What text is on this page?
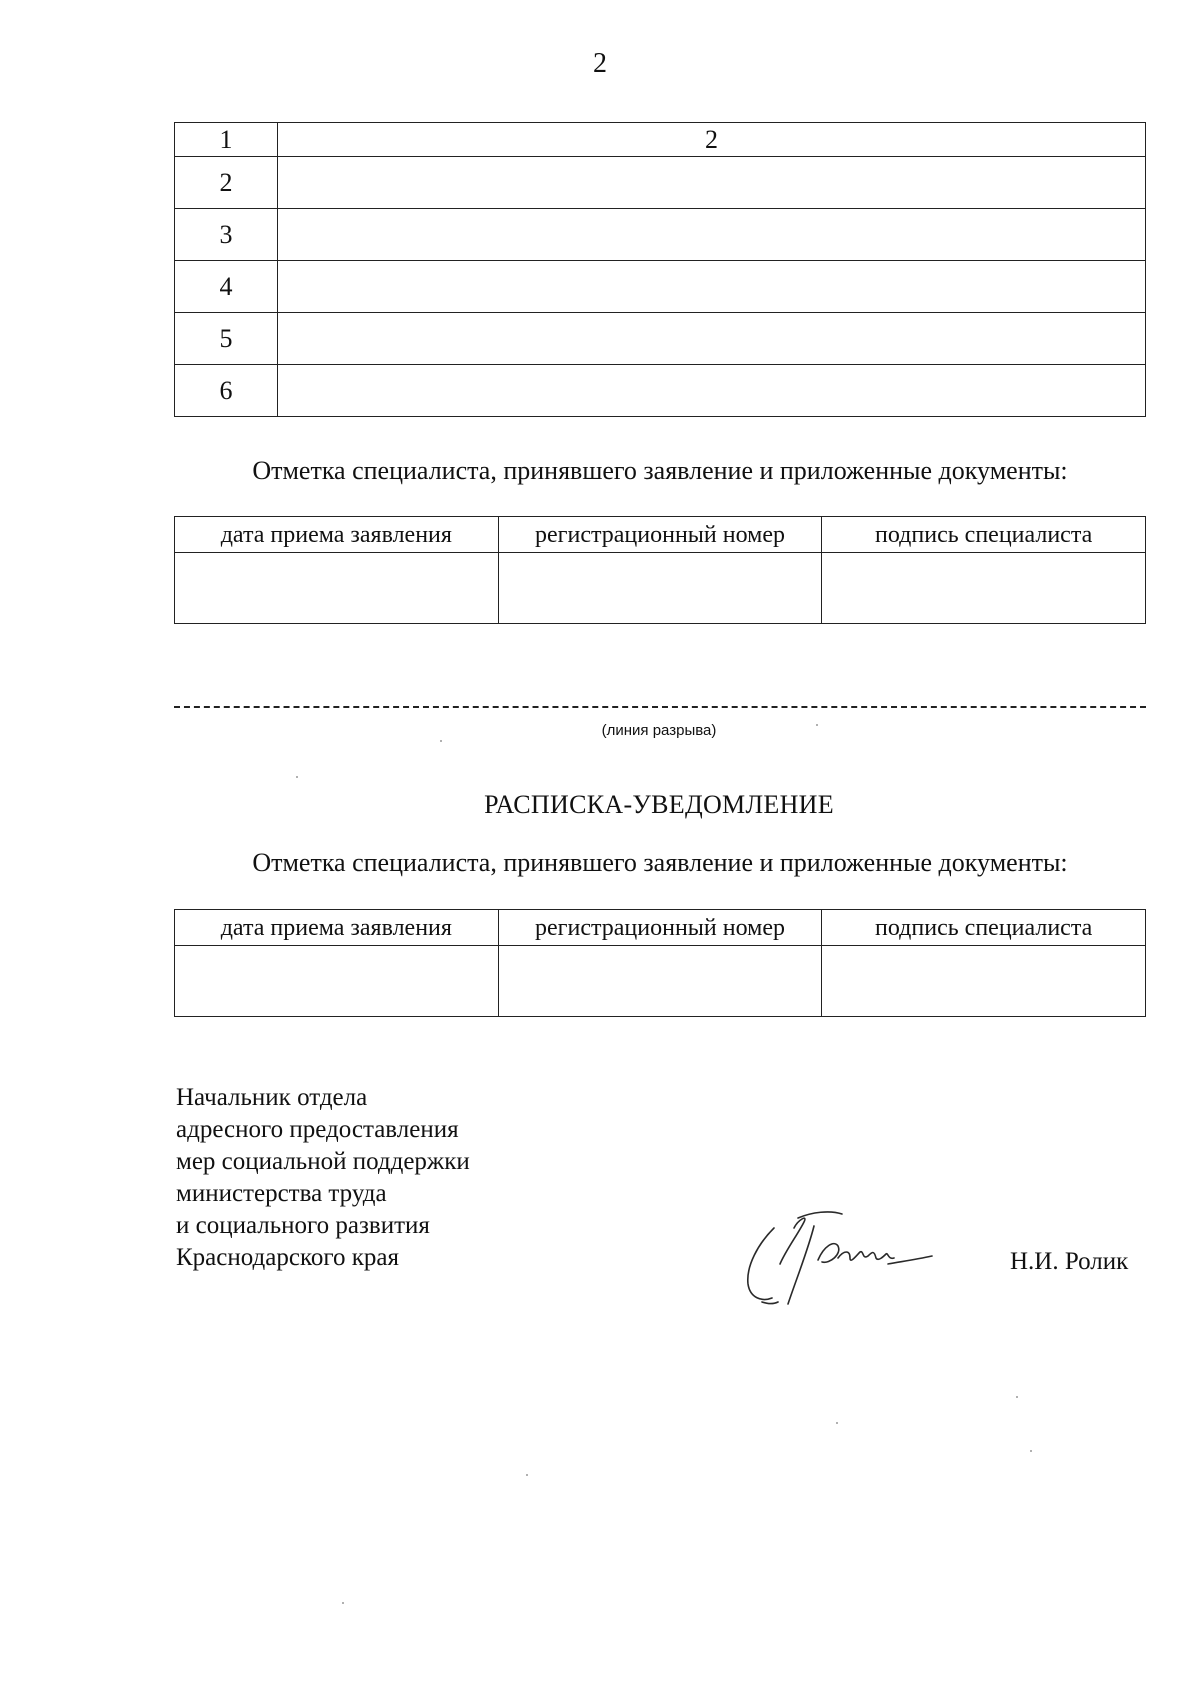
2
1	2
2	
3	
4	
5	
6	
Отметка специалиста, принявшего заявление и приложенные документы:
дата приема заявления	регистрационный номер	подпись специалиста

(линия разрыва)
РАСПИСКА-УВЕДОМЛЕНИЕ
Отметка специалиста, принявшего заявление и приложенные документы:
дата приема заявления	регистрационный номер	подпись специалиста

Начальник отдела
адресного предоставления
мер социальной поддержки
министерства труда
и социального развития
Краснодарского края	Н.И. Ролик
